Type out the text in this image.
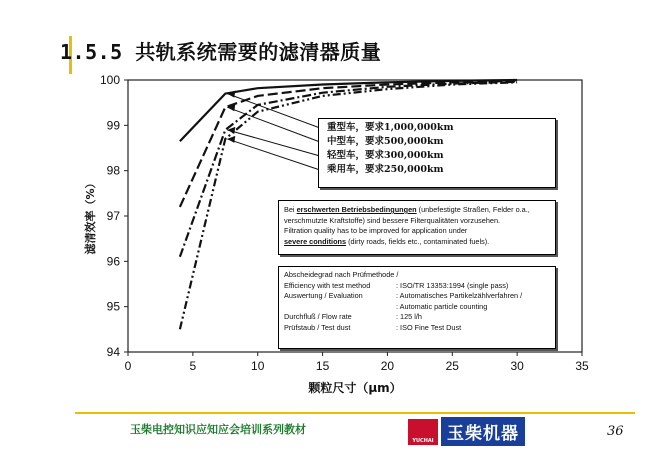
1.5.5 共轨系统需要的滤清器质量
0	5	10	15	20	25	30	35
94
95
96
97
98
99
100
颗粒尺寸（μm）
滤清效率（%）
重型车，要求1,000,000km
中型车，要求500,000km
轻型车，要求300,000km
乘用车，要求250,000km
Bei erschwerten Betriebsbedingungen (unbefestigte Straßen, Felder o.a., verschmutzte Kraftstoffe) sind bessere Filterqualitäten vorzusehen.
Filtration quality has to be improved for application under
severe conditions (dirty roads, fields etc., contaminated fuels).
Abscheidegrad nach Prüfmethode /
Efficiency with test method	: ISO/TR 13353:1994 (single pass)
Auswertung / Evaluation	: Automatisches Partikelzählverfahren /
: Automatic particle counting
Durchfluß / Flow rate	: 125 l/h
Prüfstaub / Test dust	: ISO Fine Test Dust
玉柴电控知识应知应会培训系列教材
YUCHAI 玉柴机器	36
